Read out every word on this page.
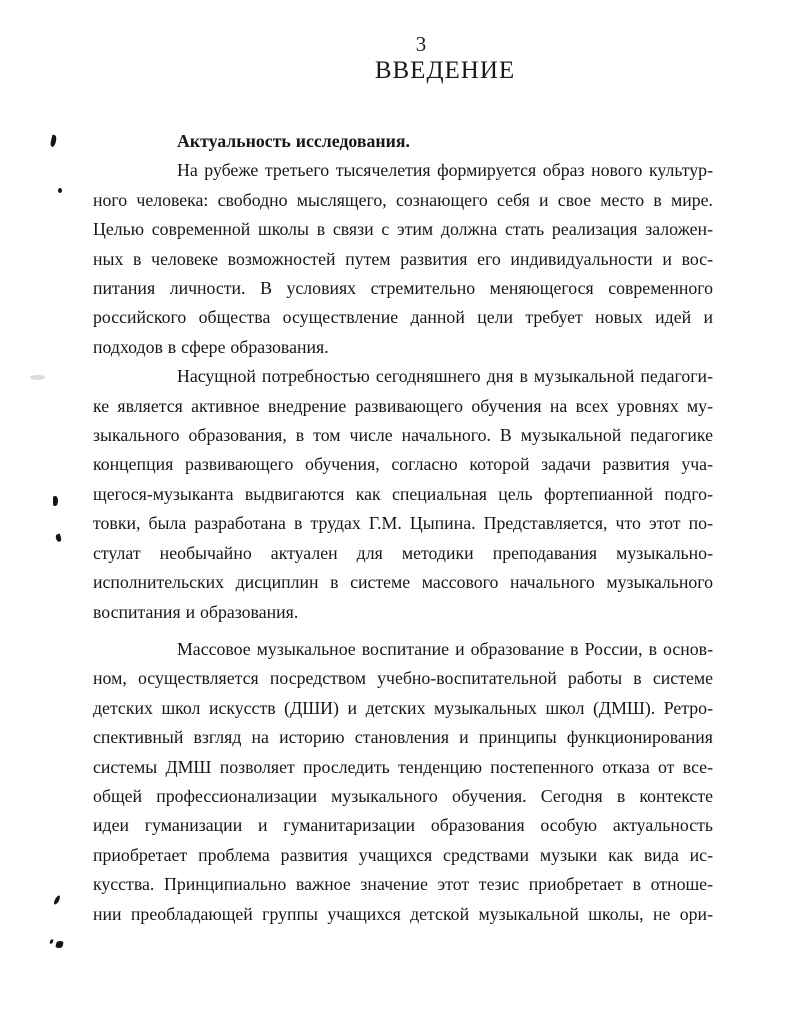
3
ВВЕДЕНИЕ
Актуальность исследования.
На рубеже третьего тысячелетия формируется образ нового культур-
ного человека: свободно мыслящего, сознающего себя и свое место в мире.
Целью современной школы в связи с этим должна стать реализация заложен-
ных в человеке возможностей путем развития его индивидуальности и вос-
питания личности. В условиях стремительно меняющегося современного
российского общества осуществление данной цели требует новых идей и
подходов в сфере образования.
Насущной потребностью сегодняшнего дня в музыкальной педагоги-
ке является активное внедрение развивающего обучения на всех уровнях му-
зыкального образования, в том числе начального. В музыкальной педагогике
концепция развивающего обучения, согласно которой задачи развития уча-
щегося-музыканта выдвигаются как специальная цель фортепианной подго-
товки, была разработана в трудах Г.М. Цыпина. Представляется, что этот по-
стулат необычайно актуален для методики преподавания музыкально-
исполнительских дисциплин в системе массового начального музыкального
воспитания и образования.
Массовое музыкальное воспитание и образование в России, в основ-
ном, осуществляется посредством учебно-воспитательной работы в системе
детских школ искусств (ДШИ) и детских музыкальных школ (ДМШ). Ретро-
спективный взгляд на историю становления и принципы функционирования
системы ДМШ позволяет проследить тенденцию постепенного отказа от все-
общей профессионализации музыкального обучения. Сегодня в контексте
идеи гуманизации и гуманитаризации образования особую актуальность
приобретает проблема развития учащихся средствами музыки как вида ис-
кусства. Принципиально важное значение этот тезис приобретает в отноше-
нии преобладающей группы учащихся детской музыкальной школы, не ори-
